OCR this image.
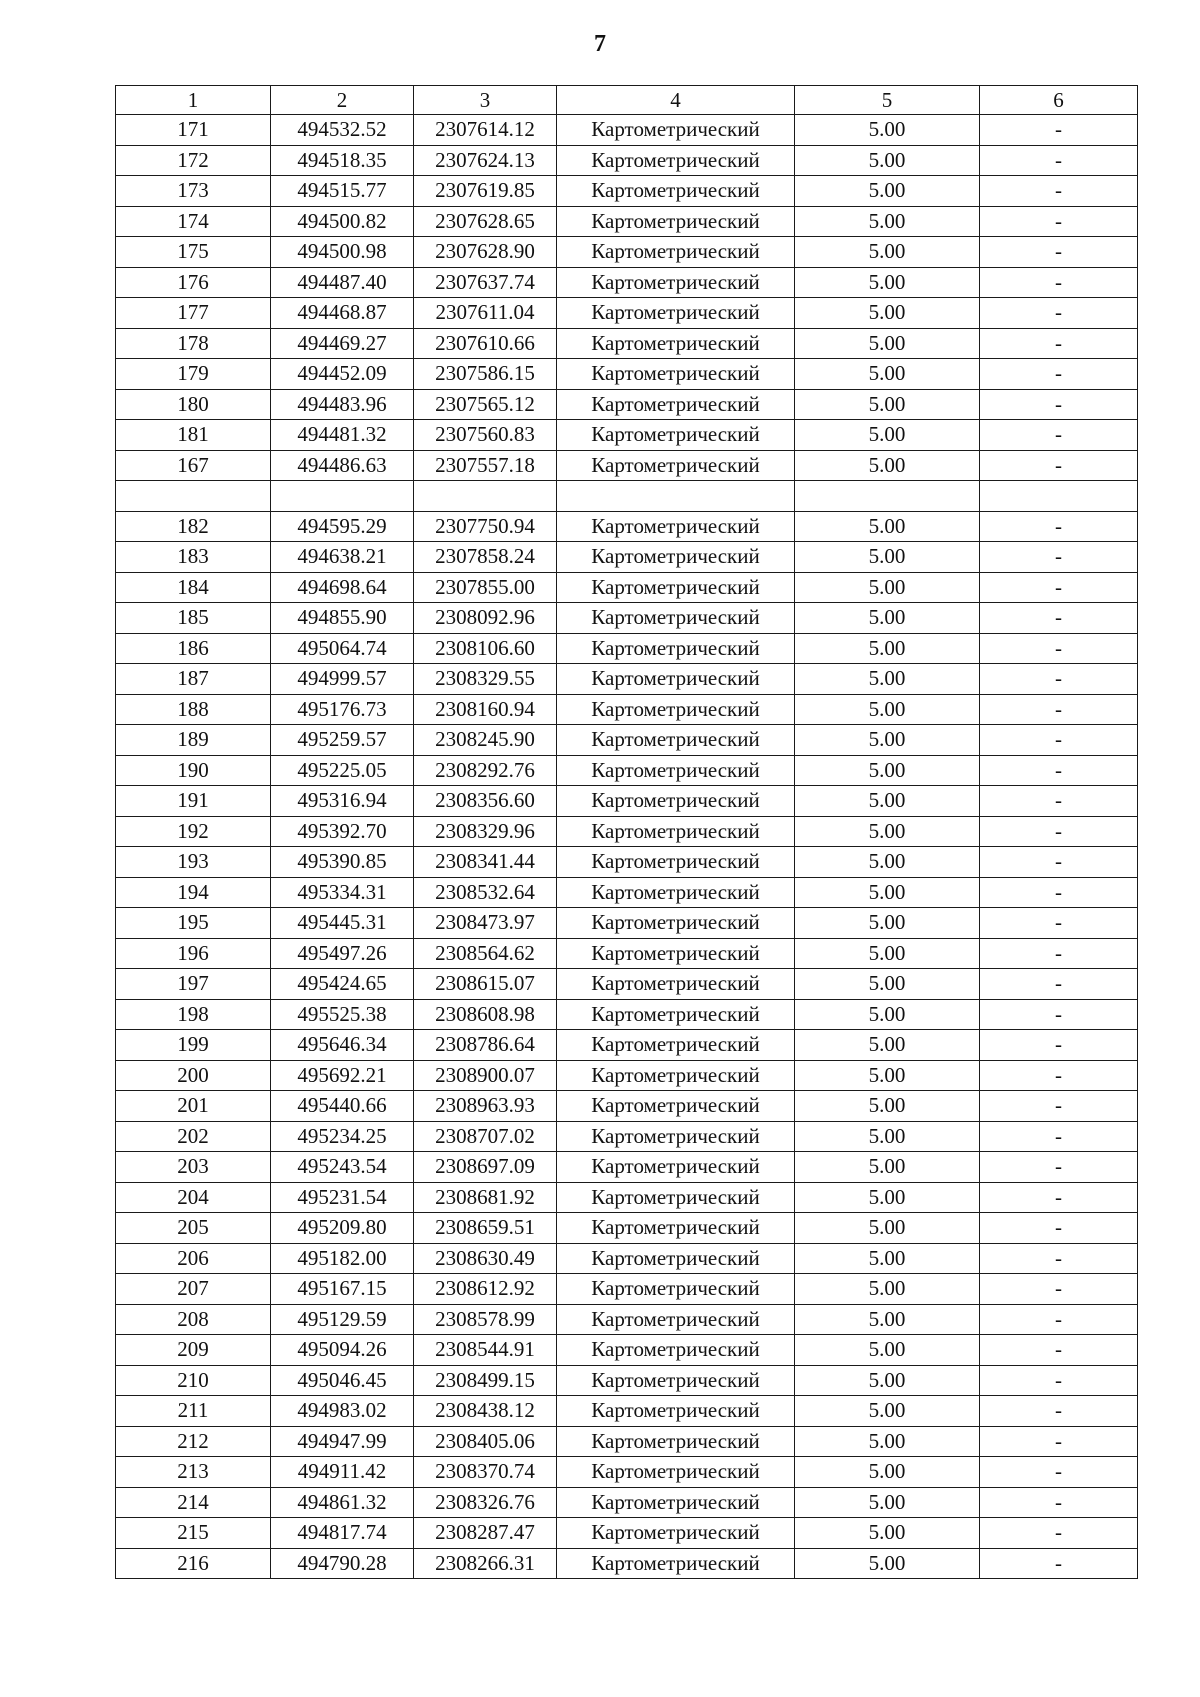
7
1	2	3	4	5	6
171	494532.52	2307614.12	Картометрический	5.00	-
172	494518.35	2307624.13	Картометрический	5.00	-
173	494515.77	2307619.85	Картометрический	5.00	-
174	494500.82	2307628.65	Картометрический	5.00	-
175	494500.98	2307628.90	Картометрический	5.00	-
176	494487.40	2307637.74	Картометрический	5.00	-
177	494468.87	2307611.04	Картометрический	5.00	-
178	494469.27	2307610.66	Картометрический	5.00	-
179	494452.09	2307586.15	Картометрический	5.00	-
180	494483.96	2307565.12	Картометрический	5.00	-
181	494481.32	2307560.83	Картометрический	5.00	-
167	494486.63	2307557.18	Картометрический	5.00	-

182	494595.29	2307750.94	Картометрический	5.00	-
183	494638.21	2307858.24	Картометрический	5.00	-
184	494698.64	2307855.00	Картометрический	5.00	-
185	494855.90	2308092.96	Картометрический	5.00	-
186	495064.74	2308106.60	Картометрический	5.00	-
187	494999.57	2308329.55	Картометрический	5.00	-
188	495176.73	2308160.94	Картометрический	5.00	-
189	495259.57	2308245.90	Картометрический	5.00	-
190	495225.05	2308292.76	Картометрический	5.00	-
191	495316.94	2308356.60	Картометрический	5.00	-
192	495392.70	2308329.96	Картометрический	5.00	-
193	495390.85	2308341.44	Картометрический	5.00	-
194	495334.31	2308532.64	Картометрический	5.00	-
195	495445.31	2308473.97	Картометрический	5.00	-
196	495497.26	2308564.62	Картометрический	5.00	-
197	495424.65	2308615.07	Картометрический	5.00	-
198	495525.38	2308608.98	Картометрический	5.00	-
199	495646.34	2308786.64	Картометрический	5.00	-
200	495692.21	2308900.07	Картометрический	5.00	-
201	495440.66	2308963.93	Картометрический	5.00	-
202	495234.25	2308707.02	Картометрический	5.00	-
203	495243.54	2308697.09	Картометрический	5.00	-
204	495231.54	2308681.92	Картометрический	5.00	-
205	495209.80	2308659.51	Картометрический	5.00	-
206	495182.00	2308630.49	Картометрический	5.00	-
207	495167.15	2308612.92	Картометрический	5.00	-
208	495129.59	2308578.99	Картометрический	5.00	-
209	495094.26	2308544.91	Картометрический	5.00	-
210	495046.45	2308499.15	Картометрический	5.00	-
211	494983.02	2308438.12	Картометрический	5.00	-
212	494947.99	2308405.06	Картометрический	5.00	-
213	494911.42	2308370.74	Картометрический	5.00	-
214	494861.32	2308326.76	Картометрический	5.00	-
215	494817.74	2308287.47	Картометрический	5.00	-
216	494790.28	2308266.31	Картометрический	5.00	-
